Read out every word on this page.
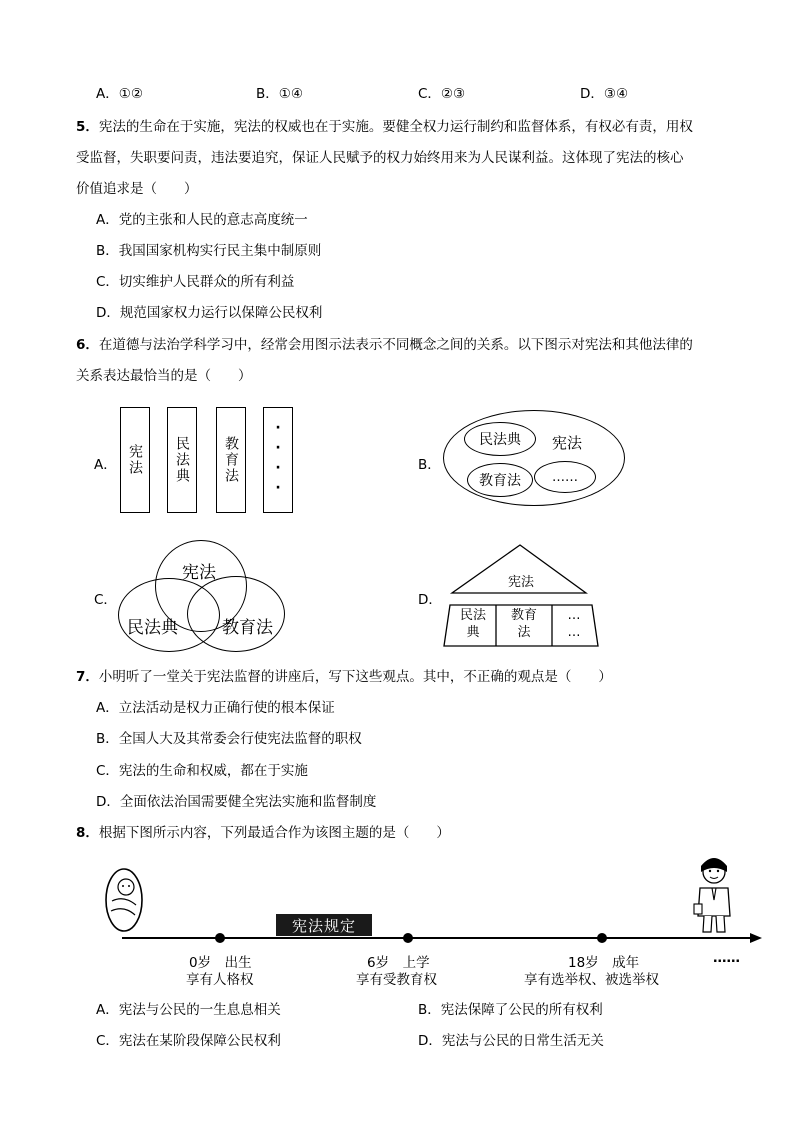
A．①②	B．①④	C．②③	D．③④
5．宪法的生命在于实施，宪法的权威也在于实施。要健全权力运行制约和监督体系，有权必有责，用权
受监督，失职要问责，违法要追究，保证人民赋予的权力始终用来为人民谋利益。这体现了宪法的核心
价值追求是（　　）
A．党的主张和人民的意志高度统一
B．我国国家机构实行民主集中制原则
C．切实维护人民群众的所有利益
D．规范国家权力运行以保障公民权利
6．在道德与法治学科学习中，经常会用图示法表示不同概念之间的关系。以下图示对宪法和其他法律的
关系表达最恰当的是（　　）
A． 宪法 民法典 教育法 ····	B．
宪法
民法典
教育法 ……
C．
宪法
民法典	教育法
D．
宪法
民法
典
教育
法
…
…
7．小明听了一堂关于宪法监督的讲座后，写下这些观点。其中，不正确的观点是（　　）
A．立法活动是权力正确行使的根本保证
B．全国人大及其常委会行使宪法监督的职权
C．宪法的生命和权威，都在于实施
D．全面依法治国需要健全宪法实施和监督制度
8．根据下图所示内容，下列最适合作为该图主题的是（　　）
宪法规定
0岁　出生
享有人格权
6岁　上学
享有受教育权
18岁　成年
享有选举权、被选举权
……
A．宪法与公民的一生息息相关	B．宪法保障了公民的所有权利
C．宪法在某阶段保障公民权利	D．宪法与公民的日常生活无关
